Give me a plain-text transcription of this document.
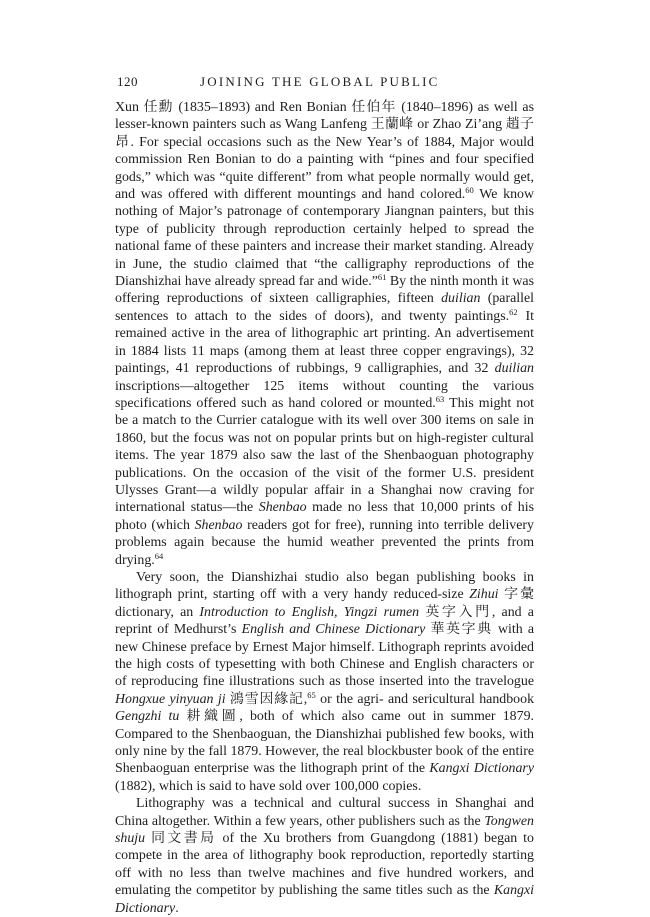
120	JOINING THE GLOBAL PUBLIC

Xun 任勳 (1835–1893) and Ren Bonian 任伯年 (1840–1896) as well as lesser-known painters such as Wang Lanfeng 王蘭峰 or Zhao Zi’ang 趙子昂. For special occasions such as the New Year’s of 1884, Major would commission Ren Bonian to do a painting with “pines and four specified gods,” which was “quite different” from what people normally would get, and was offered with different mountings and hand colored.$^{60}$ We know nothing of Major’s patronage of contemporary Jiangnan painters, but this type of publicity through reproduction certainly helped to spread the national fame of these painters and increase their market standing. Already in June, the studio claimed that “the calligraphy reproductions of the Dianshizhai have already spread far and wide.”$^{61}$ By the ninth month it was offering reproductions of sixteen calligraphies, fifteen duilian (parallel sentences to attach to the sides of doors), and twenty paintings.$^{62}$ It remained active in the area of lithographic art printing. An advertisement in 1884 lists 11 maps (among them at least three copper engravings), 32 paintings, 41 reproductions of rubbings, 9 calligraphies, and 32 duilian inscriptions—altogether 125 items without counting the various specifications offered such as hand colored or mounted.$^{63}$ This might not be a match to the Currier catalogue with its well over 300 items on sale in 1860, but the focus was not on popular prints but on high-register cultural items. The year 1879 also saw the last of the Shenbaoguan photography publications. On the occasion of the visit of the former U.S. president Ulysses Grant—a wildly popular affair in a Shanghai now craving for international status—the Shenbao made no less that 10,000 prints of his photo (which Shenbao readers got for free), running into terrible delivery problems again because the humid weather prevented the prints from drying.$^{64}$

Very soon, the Dianshizhai studio also began publishing books in lithograph print, starting off with a very handy reduced-size Zihui 字彙 dictionary, an Introduction to English, Yingzi rumen 英字入門, and a reprint of Medhurst’s English and Chinese Dictionary 華英字典 with a new Chinese preface by Ernest Major himself. Lithograph reprints avoided the high costs of typesetting with both Chinese and English characters or of reproducing fine illustrations such as those inserted into the travelogue Hongxue yinyuan ji 鴻雪因緣記,$^{65}$ or the agri- and sericultural handbook Gengzhi tu 耕織圖, both of which also came out in summer 1879. Compared to the Shenbaoguan, the Dianshizhai published few books, with only nine by the fall 1879. However, the real blockbuster book of the entire Shenbaoguan enterprise was the lithograph print of the Kangxi Dictionary (1882), which is said to have sold over 100,000 copies.

Lithography was a technical and cultural success in Shanghai and China altogether. Within a few years, other publishers such as the Tongwen shuju 同文書局 of the Xu brothers from Guangdong (1881) began to compete in the area of lithography book reproduction, reportedly starting off with no less than twelve machines and five hundred workers, and emulating the competitor by publishing the same titles such as the Kangxi Dictionary.
